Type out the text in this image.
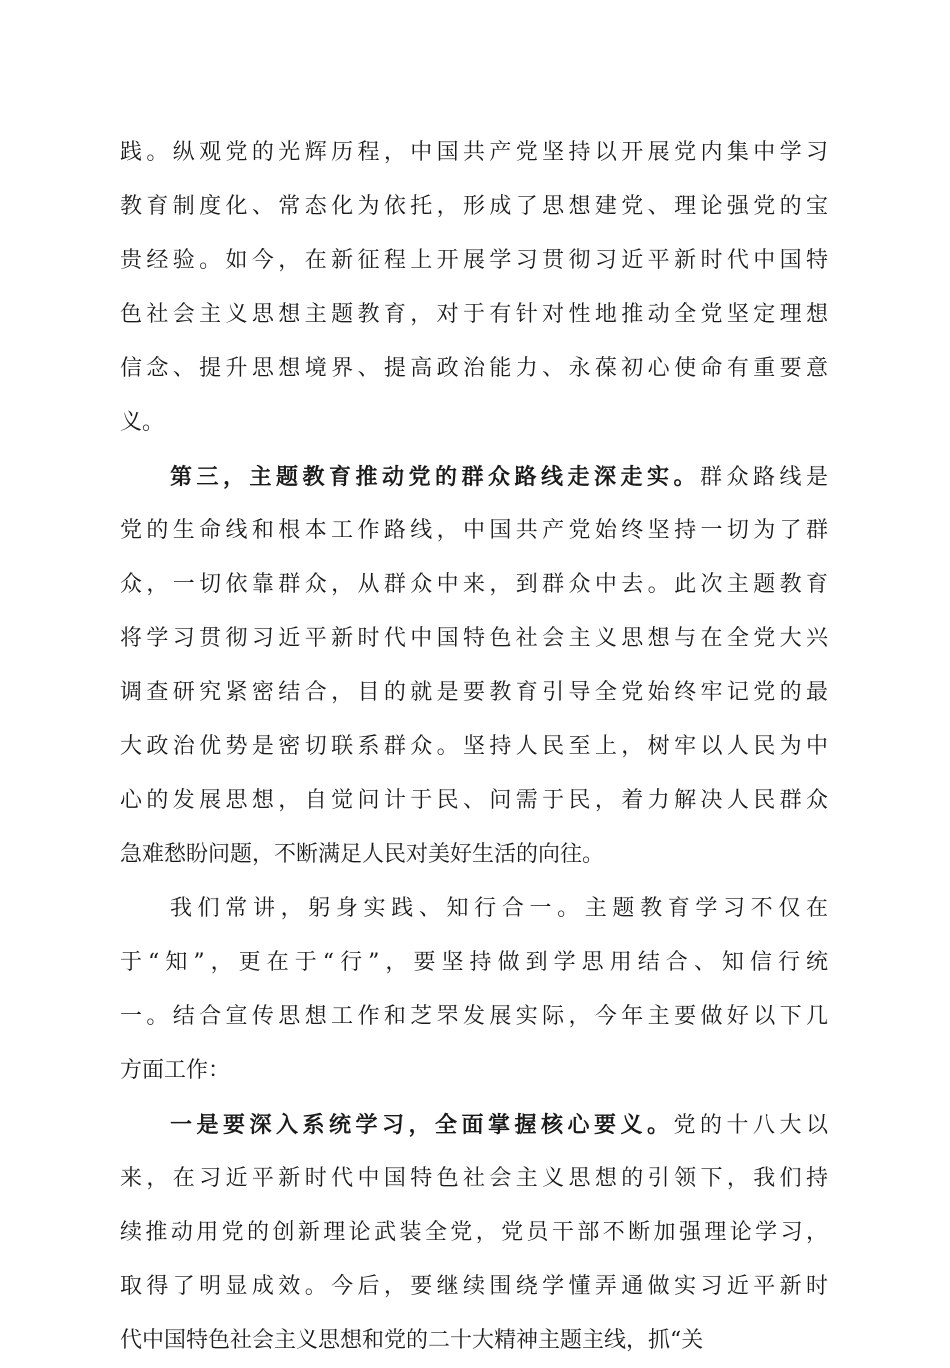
践。纵观党的光辉历程，中国共产党坚持以开展党内集中学习
教育制度化、常态化为依托，形成了思想建党、理论强党的宝
贵经验。如今，在新征程上开展学习贯彻习近平新时代中国特
色社会主义思想主题教育，对于有针对性地推动全党坚定理想
信念、提升思想境界、提高政治能力、永葆初心使命有重要意
义。
第三，主题教育推动党的群众路线走深走实。群众路线是
党的生命线和根本工作路线，中国共产党始终坚持一切为了群
众，一切依靠群众，从群众中来，到群众中去。此次主题教育
将学习贯彻习近平新时代中国特色社会主义思想与在全党大兴
调查研究紧密结合，目的就是要教育引导全党始终牢记党的最
大政治优势是密切联系群众。坚持人民至上，树牢以人民为中
心的发展思想，自觉问计于民、问需于民，着力解决人民群众
急难愁盼问题，不断满足人民对美好生活的向往。
我们常讲，躬身实践、知行合一。主题教育学习不仅在
于“知”，更在于“行”，要坚持做到学思用结合、知信行统
一。结合宣传思想工作和芝罘发展实际，今年主要做好以下几
方面工作：
一是要深入系统学习，全面掌握核心要义。党的十八大以
来，在习近平新时代中国特色社会主义思想的引领下，我们持
续推动用党的创新理论武装全党，党员干部不断加强理论学习，
取得了明显成效。今后，要继续围绕学懂弄通做实习近平新时
代中国特色社会主义思想和党的二十大精神主题主线，抓“关
